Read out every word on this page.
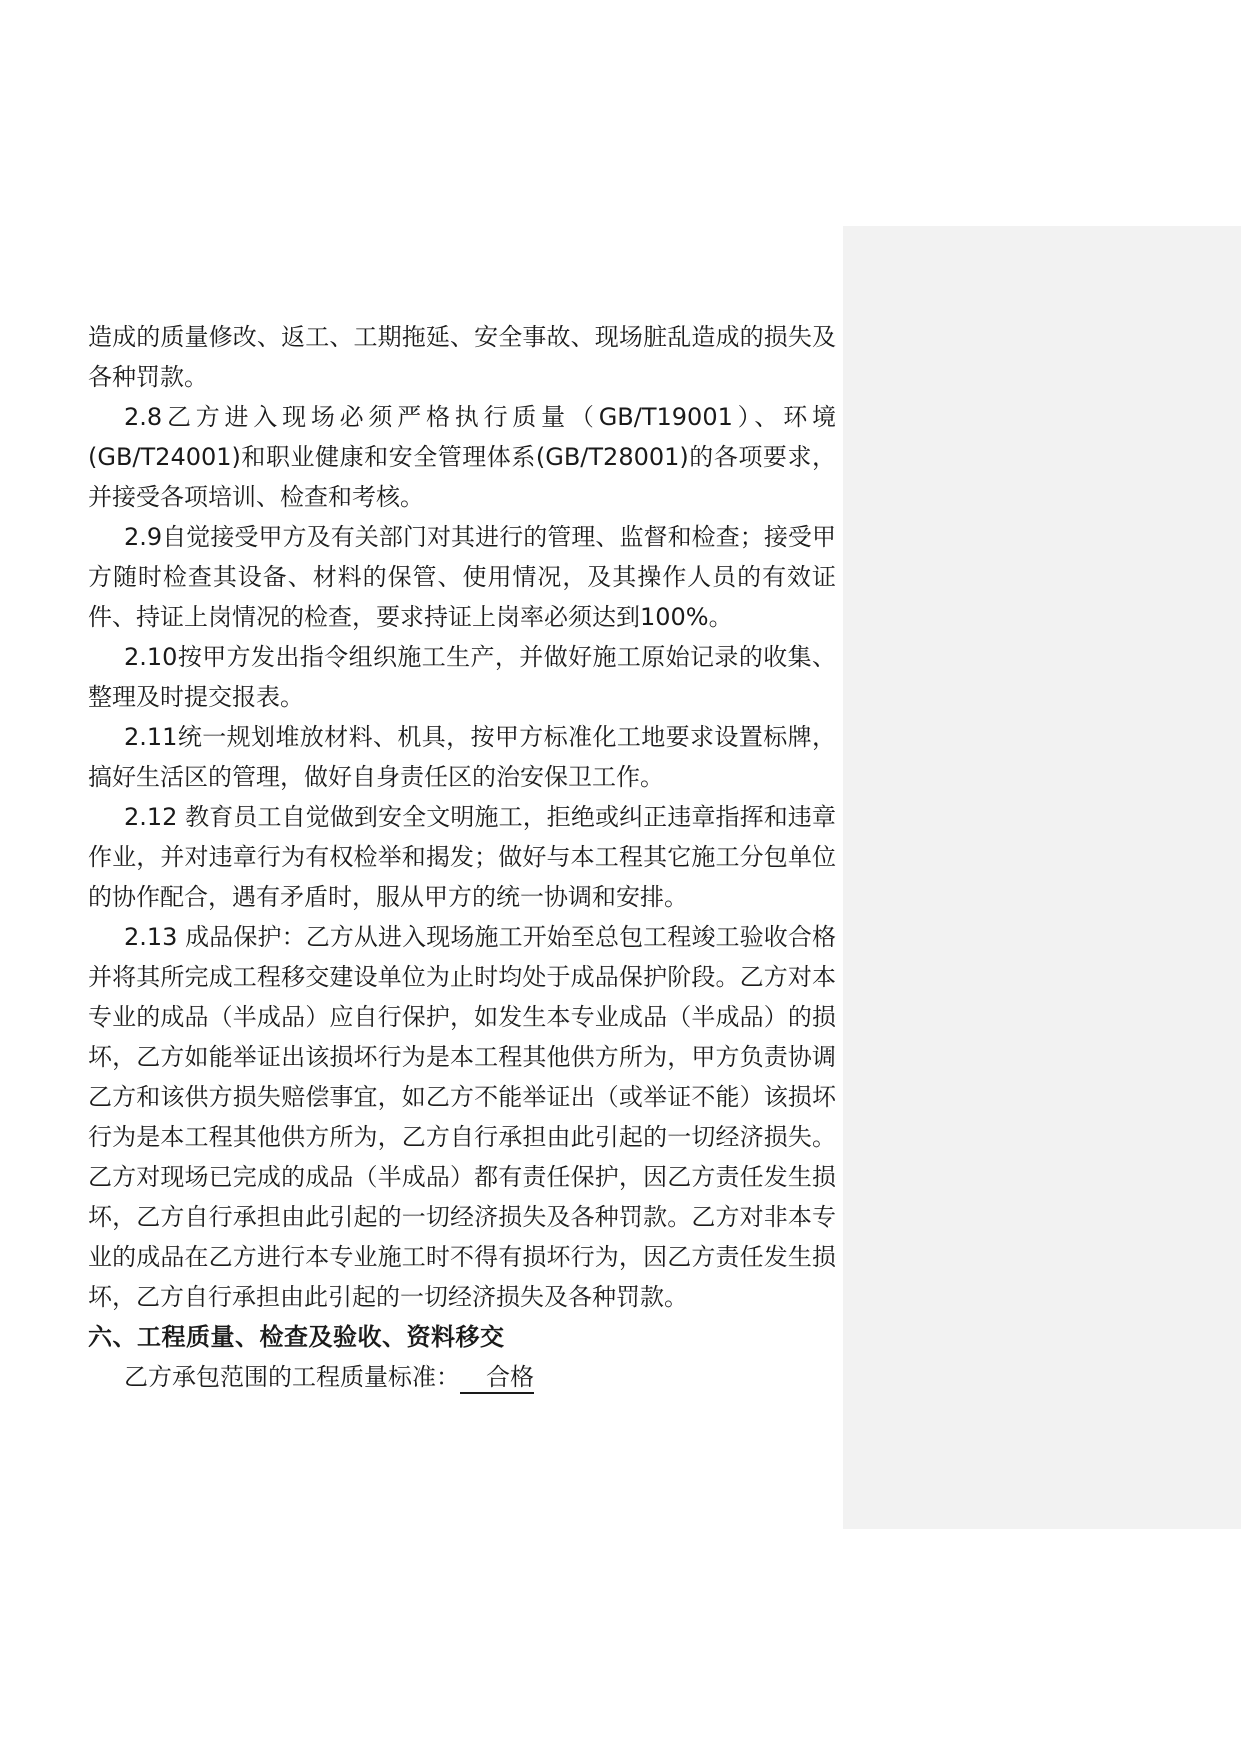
造成的质量修改、返工、工期拖延、安全事故、现场脏乱造成的损失及各种罚款。

2.8乙方进入现场必须严格执行质量（GB/T19001）、环境(GB/T24001)和职业健康和安全管理体系(GB/T28001)的各项要求，并接受各项培训、检查和考核。

2.9自觉接受甲方及有关部门对其进行的管理、监督和检查；接受甲方随时检查其设备、材料的保管、使用情况，及其操作人员的有效证件、持证上岗情况的检查，要求持证上岗率必须达到100%。

2.10按甲方发出指令组织施工生产，并做好施工原始记录的收集、整理及时提交报表。

2.11统一规划堆放材料、机具，按甲方标准化工地要求设置标牌，搞好生活区的管理，做好自身责任区的治安保卫工作。

2.12 教育员工自觉做到安全文明施工，拒绝或纠正违章指挥和违章作业，并对违章行为有权检举和揭发；做好与本工程其它施工分包单位的协作配合，遇有矛盾时，服从甲方的统一协调和安排。

2.13 成品保护：乙方从进入现场施工开始至总包工程竣工验收合格并将其所完成工程移交建设单位为止时均处于成品保护阶段。乙方对本专业的成品（半成品）应自行保护，如发生本专业成品（半成品）的损坏，乙方如能举证出该损坏行为是本工程其他供方所为，甲方负责协调乙方和该供方损失赔偿事宜，如乙方不能举证出（或举证不能）该损坏行为是本工程其他供方所为，乙方自行承担由此引起的一切经济损失。乙方对现场已完成的成品（半成品）都有责任保护，因乙方责任发生损坏，乙方自行承担由此引起的一切经济损失及各种罚款。乙方对非本专业的成品在乙方进行本专业施工时不得有损坏行为，因乙方责任发生损坏，乙方自行承担由此引起的一切经济损失及各种罚款。

六、工程质量、检查及验收、资料移交

乙方承包范围的工程质量标准： 合格
